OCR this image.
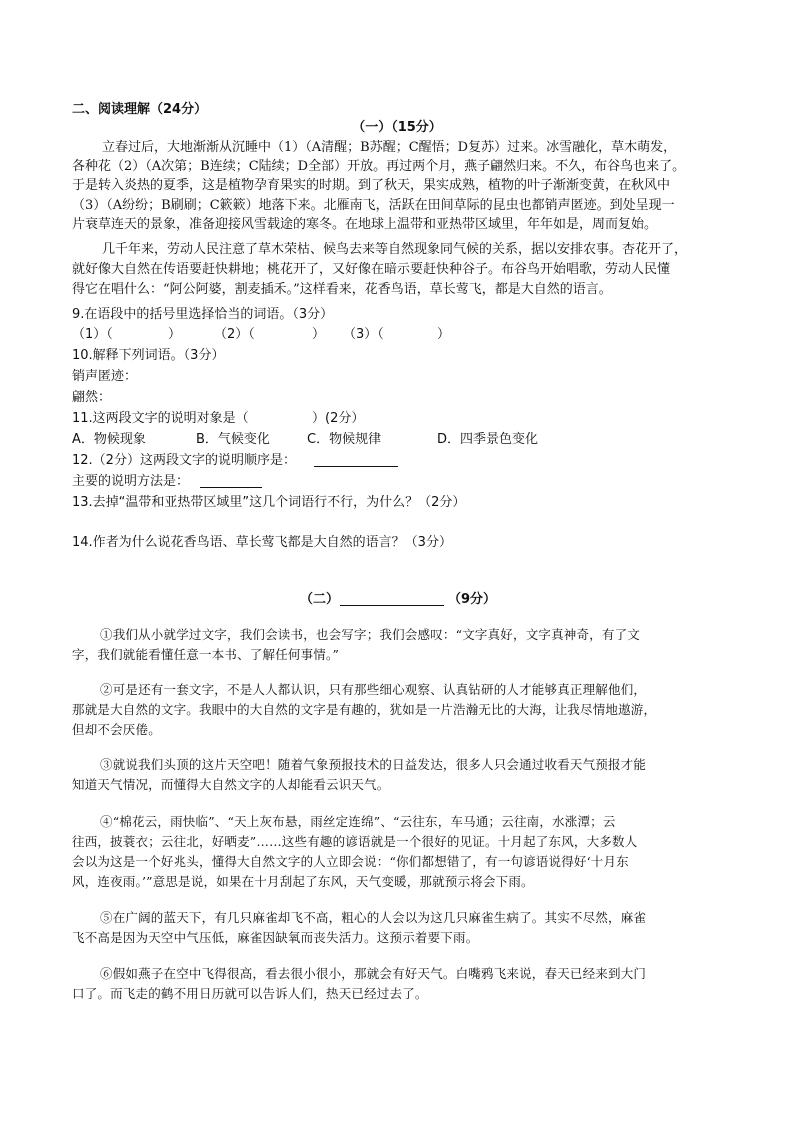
二、阅读理解（24分）
（一）（15分）
立春过后，大地渐渐从沉睡中（1）（A清醒；B苏醒；C醒悟；D复苏）过来。冰雪融化，草木萌发，
各种花（2）（A次第；B连续；C陆续；D全部）开放。再过两个月，燕子翩然归来。不久，布谷鸟也来了。
于是转入炎热的夏季，这是植物孕育果实的时期。到了秋天，果实成熟，植物的叶子渐渐变黄，在秋风中
（3）（A纷纷；B刷刷；C簌簌）地落下来。北雁南飞，活跃在田间草际的昆虫也都销声匿迹。到处呈现一
片衰草连天的景象，准备迎接风雪载途的寒冬。在地球上温带和亚热带区域里，年年如是，周而复始。
几千年来，劳动人民注意了草木荣枯、候鸟去来等自然现象同气候的关系，据以安排农事。杏花开了，
就好像大自然在传语要赶快耕地；桃花开了，又好像在暗示要赶快种谷子。布谷鸟开始唱歌，劳动人民懂
得它在唱什么：“阿公阿婆，割麦插禾。”这样看来，花香鸟语，草长莺飞，都是大自然的语言。
9.在语段中的括号里选择恰当的词语。（3分）
（1）（	）	（2）（	） （3）（	）
10.解释下列词语。（3分）
销声匿迹：
翩然：
11.这两段文字的说明对象是（	）(2分）
A．物候现象	B．气候变化	C．物候规律	D．四季景色变化
12.（2分）这两段文字的说明顺序是：
主要的说明方法是：
13.去掉“温带和亚热带区域里”这几个词语行不行，为什么？（2分）
14.作者为什么说花香鸟语、草长莺飞都是大自然的语言？（3分）
（二）	（9分）
①我们从小就学过文字，我们会读书，也会写字；我们会感叹：“文字真好，文字真神奇，有了文
字，我们就能看懂任意一本书、了解任何事情。”
②可是还有一套文字，不是人人都认识，只有那些细心观察、认真钻研的人才能够真正理解他们，
那就是大自然的文字。我眼中的大自然的文字是有趣的，犹如是一片浩瀚无比的大海，让我尽情地遨游，
但却不会厌倦。
③就说我们头顶的这片天空吧！随着气象预报技术的日益发达，很多人只会通过收看天气预报才能
知道天气情况，而懂得大自然文字的人却能看云识天气。
④“棉花云，雨快临”、“天上灰布悬，雨丝定连绵”、“云往东，车马通；云往南，水涨潭；云
往西，披蓑衣；云往北，好晒麦”……这些有趣的谚语就是一个很好的见证。十月起了东风，大多数人
会以为这是一个好兆头，懂得大自然文字的人立即会说：“你们都想错了，有一句谚语说得好‘十月东
风，连夜雨。’”意思是说，如果在十月刮起了东风，天气变暖，那就预示将会下雨。
⑤在广阔的蓝天下，有几只麻雀却飞不高，粗心的人会以为这几只麻雀生病了。其实不尽然，麻雀
飞不高是因为天空中气压低，麻雀因缺氧而丧失活力。这预示着要下雨。
⑥假如燕子在空中飞得很高，看去很小很小，那就会有好天气。白嘴鸦飞来说，春天已经来到大门
口了。而飞走的鹤不用日历就可以告诉人们，热天已经过去了。
